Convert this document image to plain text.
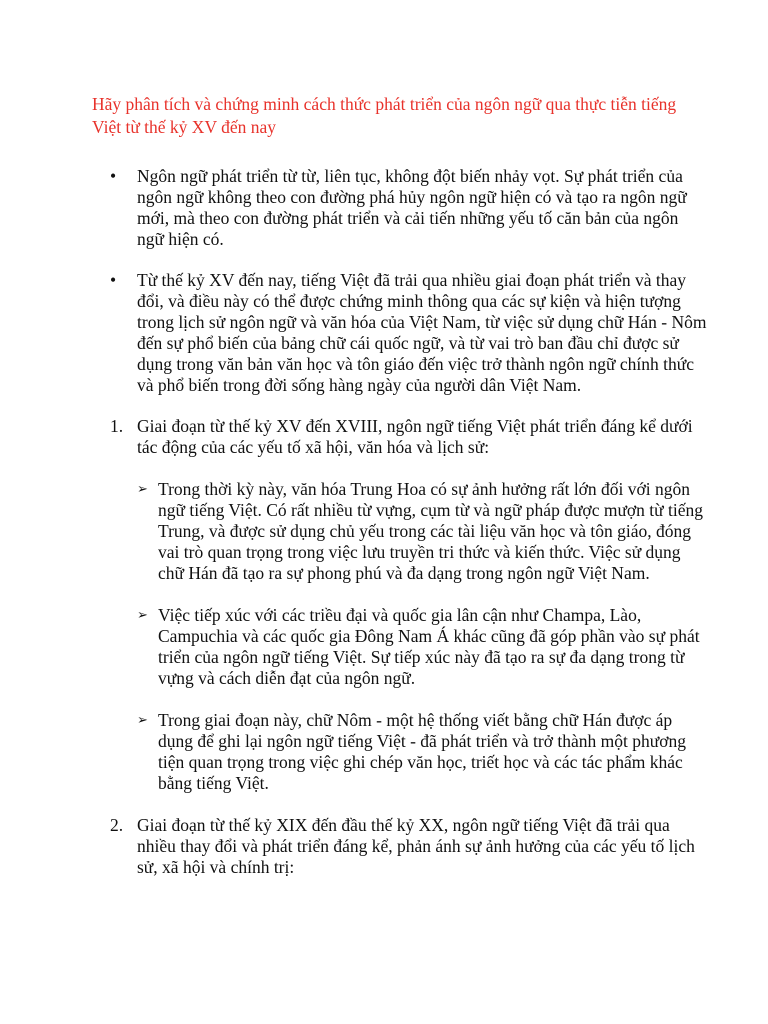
Hãy phân tích và chứng minh cách thức phát triển của ngôn ngữ qua thực tiễn tiếng Việt từ thế kỷ XV đến nay
• Ngôn ngữ phát triển từ từ, liên tục, không đột biến nhảy vọt. Sự phát triển của ngôn ngữ không theo con đường phá hủy ngôn ngữ hiện có và tạo ra ngôn ngữ mới, mà theo con đường phát triển và cải tiến những yếu tố căn bản của ngôn ngữ hiện có.
• Từ thế kỷ XV đến nay, tiếng Việt đã trải qua nhiều giai đoạn phát triển và thay đổi, và điều này có thể được chứng minh thông qua các sự kiện và hiện tượng trong lịch sử ngôn ngữ và văn hóa của Việt Nam, từ việc sử dụng chữ Hán - Nôm đến sự phổ biến của bảng chữ cái quốc ngữ, và từ vai trò ban đầu chỉ được sử dụng trong văn bản văn học và tôn giáo đến việc trở thành ngôn ngữ chính thức và phổ biến trong đời sống hàng ngày của người dân Việt Nam.
1. Giai đoạn từ thế kỷ XV đến XVIII, ngôn ngữ tiếng Việt phát triển đáng kể dưới tác động của các yếu tố xã hội, văn hóa và lịch sử:
➢ Trong thời kỳ này, văn hóa Trung Hoa có sự ảnh hưởng rất lớn đối với ngôn ngữ tiếng Việt. Có rất nhiều từ vựng, cụm từ và ngữ pháp được mượn từ tiếng Trung, và được sử dụng chủ yếu trong các tài liệu văn học và tôn giáo, đóng vai trò quan trọng trong việc lưu truyền tri thức và kiến thức. Việc sử dụng chữ Hán đã tạo ra sự phong phú và đa dạng trong ngôn ngữ Việt Nam.
➢ Việc tiếp xúc với các triều đại và quốc gia lân cận như Champa, Lào, Campuchia và các quốc gia Đông Nam Á khác cũng đã góp phần vào sự phát triển của ngôn ngữ tiếng Việt. Sự tiếp xúc này đã tạo ra sự đa dạng trong từ vựng và cách diễn đạt của ngôn ngữ.
➢ Trong giai đoạn này, chữ Nôm - một hệ thống viết bằng chữ Hán được áp dụng để ghi lại ngôn ngữ tiếng Việt - đã phát triển và trở thành một phương tiện quan trọng trong việc ghi chép văn học, triết học và các tác phẩm khác bằng tiếng Việt.
2. Giai đoạn từ thế kỷ XIX đến đầu thế kỷ XX, ngôn ngữ tiếng Việt đã trải qua nhiều thay đổi và phát triển đáng kể, phản ánh sự ảnh hưởng của các yếu tố lịch sử, xã hội và chính trị:
